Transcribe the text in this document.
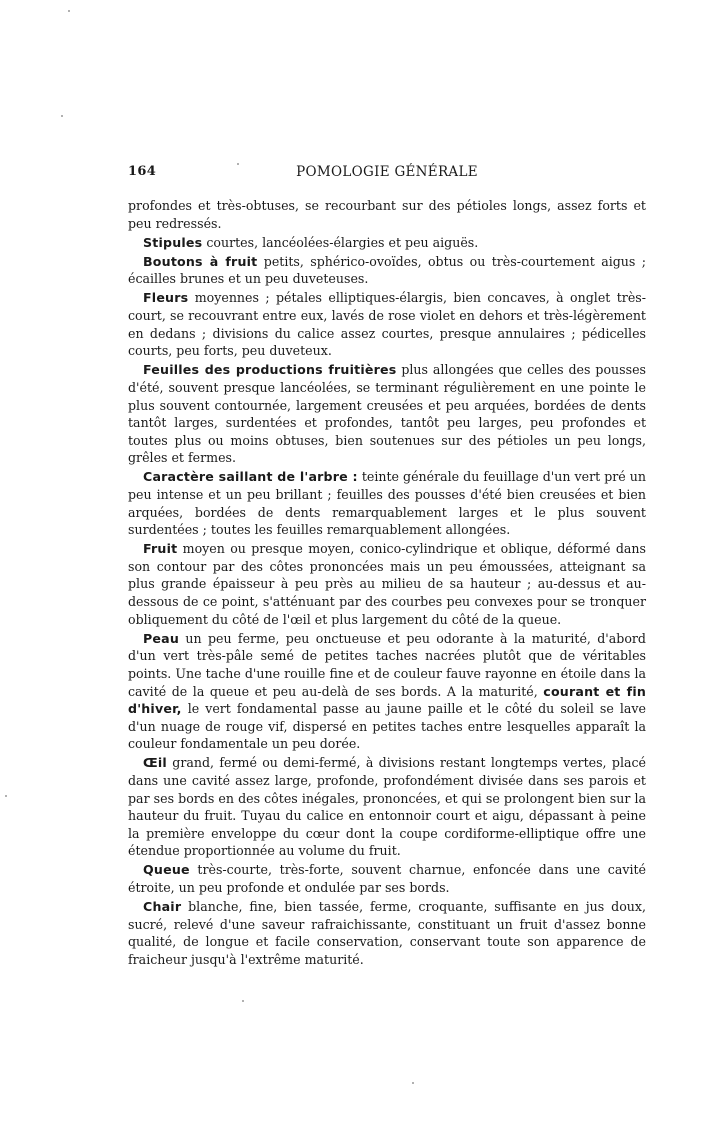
164	POMOLOGIE GÉNÉRALE

profondes et très-obtuses, se recourbant sur des pétioles longs, assez forts et peu redressés.

Stipules courtes, lancéolées-élargies et peu aiguës.

Boutons à fruit petits, sphérico-ovoïdes, obtus ou très-courtement aigus ; écailles brunes et un peu duveteuses.

Fleurs moyennes ; pétales elliptiques-élargis, bien concaves, à onglet très-court, se recouvrant entre eux, lavés de rose violet en dehors et très-légèrement en dedans ; divisions du calice assez courtes, presque annulaires ; pédicelles courts, peu forts, peu duveteux.

Feuilles des productions fruitières plus allongées que celles des pousses d'été, souvent presque lancéolées, se terminant régulièrement en une pointe le plus souvent contournée, largement creusées et peu arquées, bordées de dents tantôt larges, surdentées et profondes, tantôt peu larges, peu profondes et toutes plus ou moins obtuses, bien soutenues sur des pétioles un peu longs, grêles et fermes.

Caractère saillant de l'arbre : teinte générale du feuillage d'un vert pré un peu intense et un peu brillant ; feuilles des pousses d'été bien creusées et bien arquées, bordées de dents remarquablement larges et le plus souvent surdentées ; toutes les feuilles remarquablement allongées.

Fruit moyen ou presque moyen, conico-cylindrique et oblique, déformé dans son contour par des côtes prononcées mais un peu émoussées, atteignant sa plus grande épaisseur à peu près au milieu de sa hauteur ; au-dessus et au-dessous de ce point, s'atténuant par des courbes peu convexes pour se tronquer obliquement du côté de l'œil et plus largement du côté de la queue.

Peau un peu ferme, peu onctueuse et peu odorante à la maturité, d'abord d'un vert très-pâle semé de petites taches nacrées plutôt que de véritables points. Une tache d'une rouille fine et de couleur fauve rayonne en étoile dans la cavité de la queue et peu au-delà de ses bords. A la maturité, courant et fin d'hiver, le vert fondamental passe au jaune paille et le côté du soleil se lave d'un nuage de rouge vif, dispersé en petites taches entre lesquelles apparaît la couleur fondamentale un peu dorée.

Œil grand, fermé ou demi-fermé, à divisions restant longtemps vertes, placé dans une cavité assez large, profonde, profondément divisée dans ses parois et par ses bords en des côtes inégales, prononcées, et qui se prolongent bien sur la hauteur du fruit. Tuyau du calice en entonnoir court et aigu, dépassant à peine la première enveloppe du cœur dont la coupe cordiforme-elliptique offre une étendue proportionnée au volume du fruit.

Queue très-courte, très-forte, souvent charnue, enfoncée dans une cavité étroite, un peu profonde et ondulée par ses bords.

Chair blanche, fine, bien tassée, ferme, croquante, suffisante en jus doux, sucré, relevé d'une saveur rafraichissante, constituant un fruit d'assez bonne qualité, de longue et facile conservation, conservant toute son apparence de fraicheur jusqu'à l'extrême maturité.
